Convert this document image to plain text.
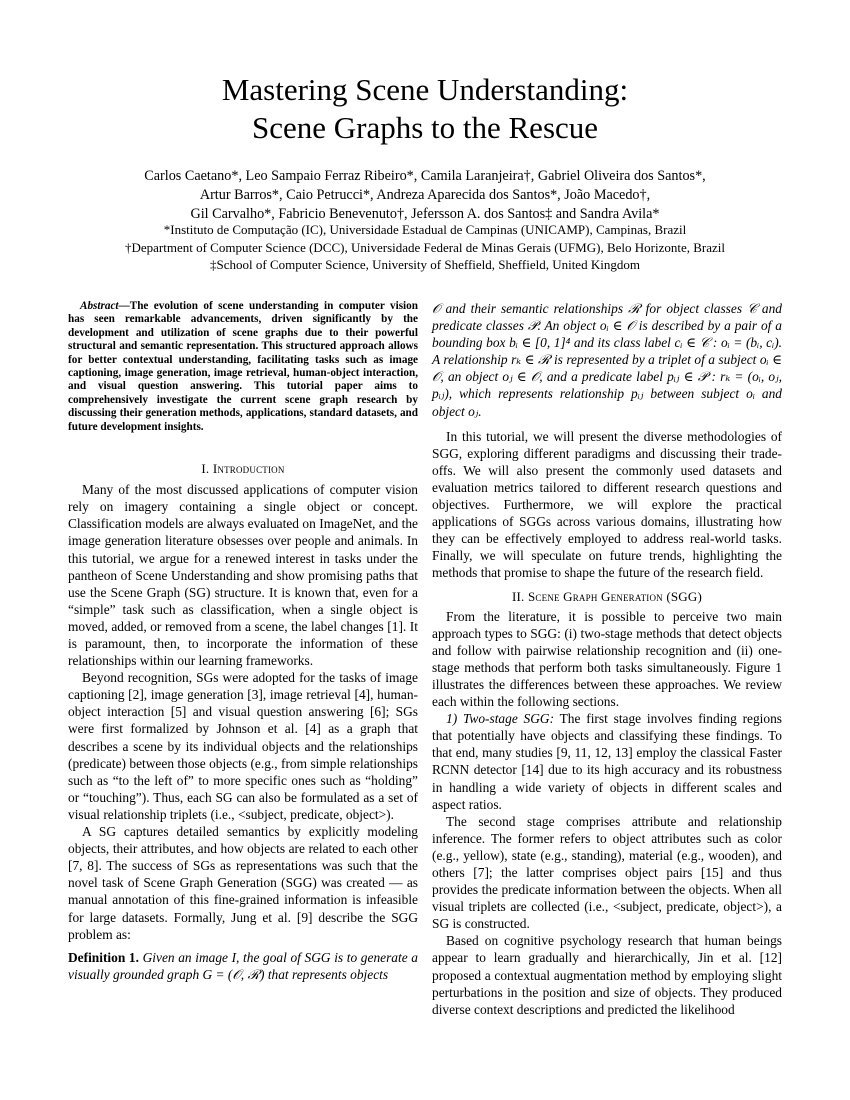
Mastering Scene Understanding:
Scene Graphs to the Rescue
Carlos Caetano*, Leo Sampaio Ferraz Ribeiro*, Camila Laranjeira†, Gabriel Oliveira dos Santos*,
Artur Barros*, Caio Petrucci*, Andreza Aparecida dos Santos*, João Macedo†,
Gil Carvalho*, Fabricio Benevenuto†, Jefersson A. dos Santos‡ and Sandra Avila*
*Instituto de Computação (IC), Universidade Estadual de Campinas (UNICAMP), Campinas, Brazil
†Department of Computer Science (DCC), Universidade Federal de Minas Gerais (UFMG), Belo Horizonte, Brazil
‡School of Computer Science, University of Sheffield, Sheffield, United Kingdom

Abstract—The evolution of scene understanding in computer vision has seen remarkable advancements, driven significantly by the development and utilization of scene graphs due to their powerful structural and semantic representation. This structured approach allows for better contextual understanding, facilitating tasks such as image captioning, image generation, image retrieval, human-object interaction, and visual question answering. This tutorial paper aims to comprehensively investigate the current scene graph research by discussing their generation methods, applications, standard datasets, and future development insights.

I. Introduction

Many of the most discussed applications of computer vision rely on imagery containing a single object or concept. Classification models are always evaluated on ImageNet, and the image generation literature obsesses over people and animals. In this tutorial, we argue for a renewed interest in tasks under the pantheon of Scene Understanding and show promising paths that use the Scene Graph (SG) structure. It is known that, even for a “simple” task such as classification, when a single object is moved, added, or removed from a scene, the label changes [1]. It is paramount, then, to incorporate the information of these relationships within our learning frameworks.

Beyond recognition, SGs were adopted for the tasks of image captioning [2], image generation [3], image retrieval [4], human-object interaction [5] and visual question answering [6]; SGs were first formalized by Johnson et al. [4] as a graph that describes a scene by its individual objects and the relationships (predicate) between those objects (e.g., from simple relationships such as “to the left of” to more specific ones such as “holding” or “touching”). Thus, each SG can also be formulated as a set of visual relationship triplets (i.e., <subject, predicate, object>).

A SG captures detailed semantics by explicitly modeling objects, their attributes, and how objects are related to each other [7, 8]. The success of SGs as representations was such that the novel task of Scene Graph Generation (SGG) was created — as manual annotation of this fine-grained information is infeasible for large datasets. Formally, Jung et al. [9] describe the SGG problem as:

Definition 1. Given an image I, the goal of SGG is to generate a visually grounded graph G = (𝒪, ℛ) that represents objects

𝒪 and their semantic relationships ℛ for object classes 𝒞 and predicate classes 𝒫. An object oᵢ ∈ 𝒪 is described by a pair of a bounding box bᵢ ∈ [0, 1]⁴ and its class label cᵢ ∈ 𝒞 : oᵢ = (bᵢ, cᵢ). A relationship rₖ ∈ ℛ is represented by a triplet of a subject oᵢ ∈ 𝒪, an object oⱼ ∈ 𝒪, and a predicate label pᵢⱼ ∈ 𝒫 : rₖ = (oᵢ, oⱼ, pᵢⱼ), which represents relationship pᵢⱼ between subject oᵢ and object oⱼ.

In this tutorial, we will present the diverse methodologies of SGG, exploring different paradigms and discussing their trade-offs. We will also present the commonly used datasets and evaluation metrics tailored to different research questions and objectives. Furthermore, we will explore the practical applications of SGGs across various domains, illustrating how they can be effectively employed to address real-world tasks. Finally, we will speculate on future trends, highlighting the methods that promise to shape the future of the research field.

II. Scene Graph Generation (SGG)

From the literature, it is possible to perceive two main approach types to SGG: (i) two-stage methods that detect objects and follow with pairwise relationship recognition and (ii) one-stage methods that perform both tasks simultaneously. Figure 1 illustrates the differences between these approaches. We review each within the following sections.

1) Two-stage SGG: The first stage involves finding regions that potentially have objects and classifying these findings. To that end, many studies [9, 11, 12, 13] employ the classical Faster RCNN detector [14] due to its high accuracy and its robustness in handling a wide variety of objects in different scales and aspect ratios.

The second stage comprises attribute and relationship inference. The former refers to object attributes such as color (e.g., yellow), state (e.g., standing), material (e.g., wooden), and others [7]; the latter comprises object pairs [15] and thus provides the predicate information between the objects. When all visual triplets are collected (i.e., <subject, predicate, object>), a SG is constructed.

Based on cognitive psychology research that human beings appear to learn gradually and hierarchically, Jin et al. [12] proposed a contextual augmentation method by employing slight perturbations in the position and size of objects. They produced diverse context descriptions and predicted the likelihood
